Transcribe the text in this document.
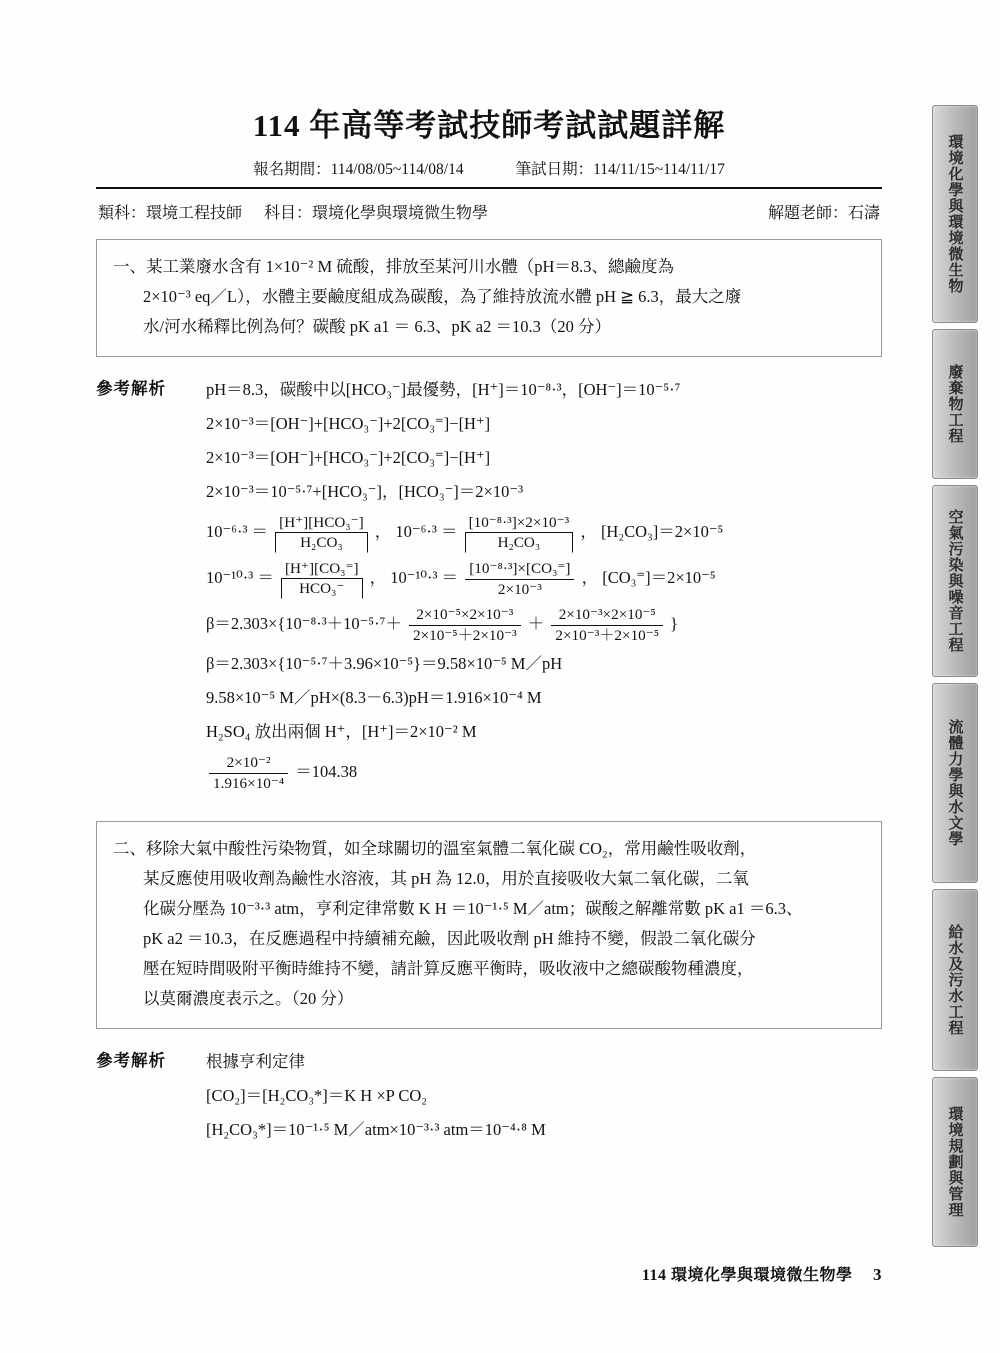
環境化學與環境微生物
廢棄物工程
空氣污染與噪音工程
流體力學與水文學
給水及污水工程
環境規劃與管理
114 年高等考試技師考試試題詳解
報名期間：114/08/05~114/08/14	筆試日期：114/11/15~114/11/17
類科：環境工程技師 科目：環境化學與環境微生物學	解題老師：石濤

一、某工業廢水含有 1×10⁻² M 硫酸，排放至某河川水體（pH＝8.3、總鹼度為
2×10⁻³ eq／L），水體主要鹼度組成為碳酸，為了維持放流水體 pH ≧ 6.3，最大之廢
水/河水稀釋比例為何？碳酸 pK a1 ＝ 6.3、pK a2 ＝10.3（20 分）

參考解析	pH＝8.3，碳酸中以[HCO₃⁻]最優勢，[H⁺]＝10⁻⁸·³，[OH⁻]＝10⁻⁵·⁷
2×10⁻³＝[OH⁻]+[HCO₃⁻]+2[CO₃⁼]−[H⁺]
2×10⁻³＝[OH⁻]+[HCO₃⁻]+2[CO₃⁼]−[H⁺]
2×10⁻³＝10⁻⁵·⁷+[HCO₃⁻]，[HCO₃⁻]＝2×10⁻³
$10^{-6}\cdot^3 = \frac{\text{[H⁺][HCO₃⁻]}}{\text{H₂CO₃}}$ ， $10^{-6}\cdot^3 = \frac{\text{[10⁻⁸·³]×2×10⁻³}}{\text{H₂CO₃}}$ ， [H₂CO₃]＝2×10⁻⁵
$10^{-10}\cdot^3 = \frac{\text{[H⁺][CO₃⁼]}}{\text{HCO₃⁻}}$ ， $10^{-10}\cdot^3 = \frac{\text{[10⁻⁸·³]×[CO₃⁼]}}{\text{2×10⁻³}}$ ， [CO₃⁼]＝2×10⁻⁵
$\beta=2.303\times\{10^{-8}\cdot^3+10^{-5}\cdot^7+ \frac{\text{2×10⁻⁵×2×10⁻³}}{\text{2×10⁻⁵＋2×10⁻³}} + \frac{\text{2×10⁻³×2×10⁻⁵}}{\text{2×10⁻³＋2×10⁻⁵}}$ }
β＝2.303×{10⁻⁵·⁷＋3.96×10⁻⁵}＝9.58×10⁻⁵ M／pH
9.58×10⁻⁵ M／pH×(8.3－6.3)pH＝1.916×10⁻⁴ M
H₂SO₄ 放出兩個 H⁺，[H⁺]＝2×10⁻² M
$\frac{\text{2×10⁻²}}{\text{1.916×10⁻⁴}} =104.38$

二、移除大氣中酸性污染物質，如全球關切的溫室氣體二氧化碳 CO₂，常用鹼性吸收劑，
某反應使用吸收劑為鹼性水溶液，其 pH 為 12.0，用於直接吸收大氣二氧化碳，二氧
化碳分壓為 10⁻³·³ atm，亨利定律常數 K H ＝10⁻¹·⁵ M／atm；碳酸之解離常數 pK a1 ＝6.3、
pK a2 ＝10.3，在反應過程中持續補充鹼，因此吸收劑 pH 維持不變，假設二氧化碳分
壓在短時間吸附平衡時維持不變，請計算反應平衡時，吸收液中之總碳酸物種濃度，
以莫爾濃度表示之。（20 分）

參考解析	根據亨利定律
[CO₂]＝[H₂CO₃*]＝K H ×P CO₂
[H₂CO₃*]＝10⁻¹·⁵ M／atm×10⁻³·³ atm＝10⁻⁴·⁸ M
114 環境化學與環境微生物學 3
